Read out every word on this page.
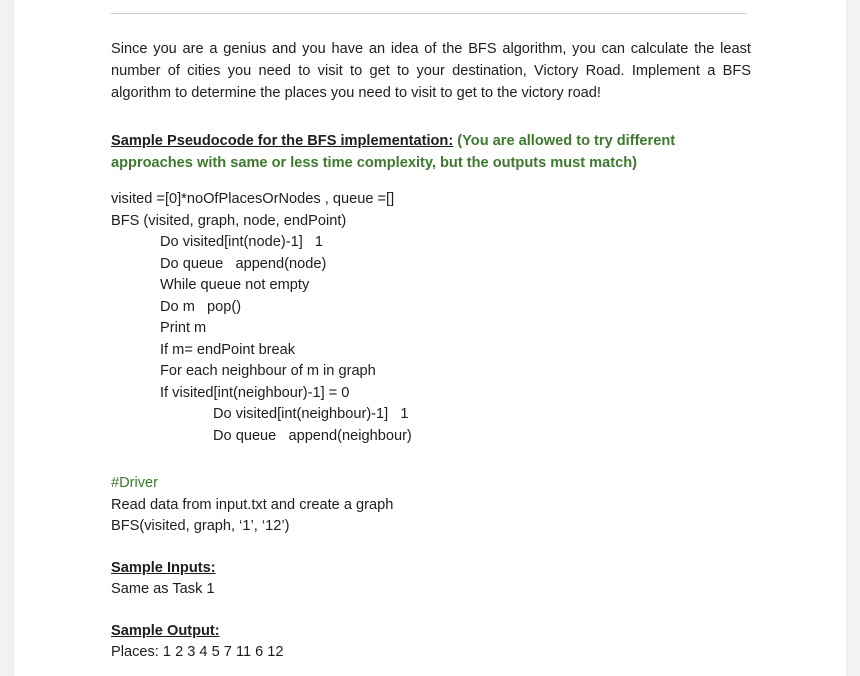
Since you are a genius and you have an idea of the BFS algorithm, you can calculate the least number of cities you need to visit to get to your destination, Victory Road. Implement a BFS algorithm to determine the places you need to visit to get to the victory road!

Sample Pseudocode for the BFS implementation: (You are allowed to try different approaches with same or less time complexity, but the outputs must match)

visited =[0]*noOfPlacesOrNodes , queue =[]
BFS (visited, graph, node, endPoint)
Do visited[int(node)-1]   1
Do queue   append(node)
While queue not empty
Do m   pop()
Print m
If m= endPoint break
For each neighbour of m in graph
If visited[int(neighbour)-1] = 0
Do visited[int(neighbour)-1]   1
Do queue   append(neighbour)
#Driver
Read data from input.txt and create a graph
BFS(visited, graph, ‘1’, ‘12’)
Sample Inputs:
Same as Task 1
Sample Output:
Places: 1 2 3 4 5 7 11 6 12
